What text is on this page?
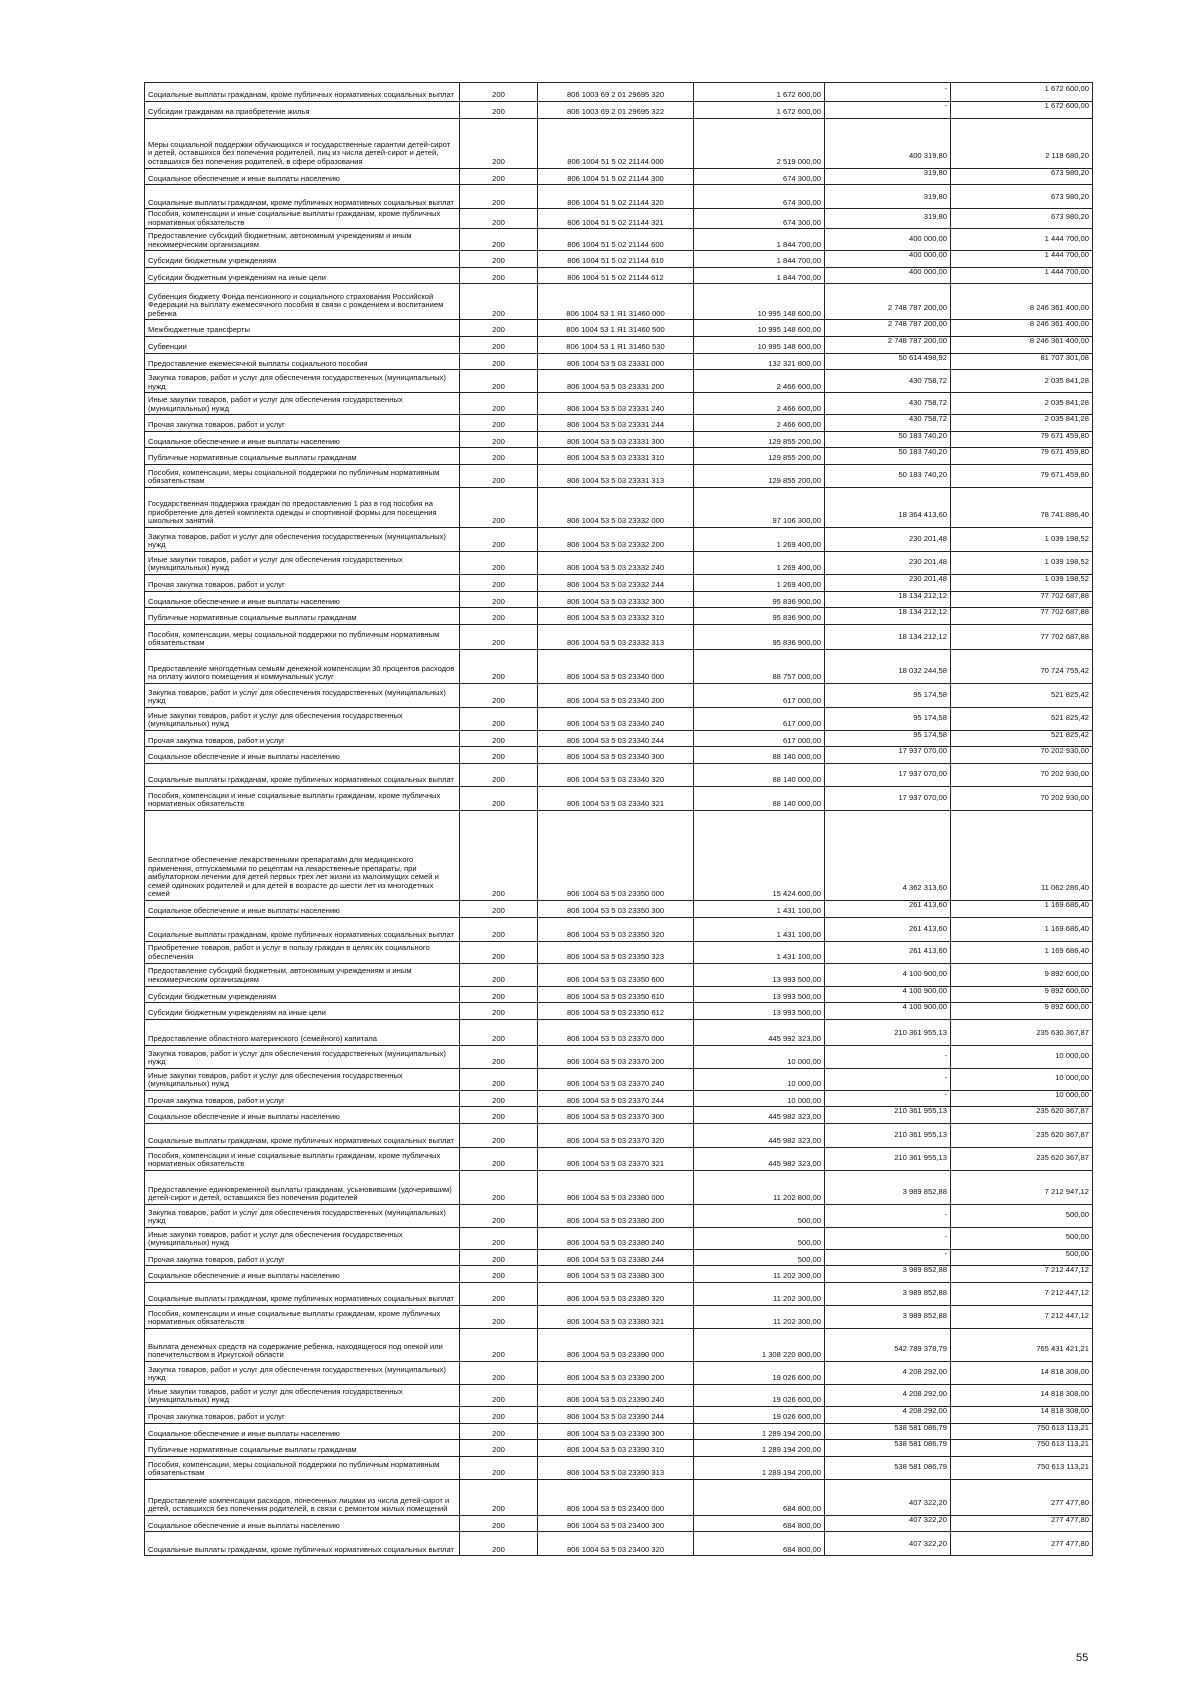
Социальные выплаты гражданам, кроме публичных нормативных социальных выплат	200	806 1003 69 2 01 29695 320	1 672 600,00	-	1 672 600,00
Субсидии гражданам на приобретение жилья	200	806 1003 69 2 01 29695 322	1 672 600,00	-	1 672 600,00
Меры социальной поддержки обучающихся и государственные гарантии детей-сирот и детей, оставшихся без попечения родителей, лиц из числа детей-сирот и детей, оставшихся без попечения родителей, в сфере образования	200	806 1004 51 5 02 21144 000	2 519 000,00	400 319,80	2 118 680,20
Социальное обеспечение и иные выплаты населению	200	806 1004 51 5 02 21144 300	674 300,00	319,80	673 980,20
Социальные выплаты гражданам, кроме публичных нормативных социальных выплат	200	806 1004 51 5 02 21144 320	674 300,00	319,80	673 980,20
Пособия, компенсации и иные социальные выплаты гражданам, кроме публичных нормативных обязательств	200	806 1004 51 5 02 21144 321	674 300,00	319,80	673 980,20
Предоставление субсидий бюджетным, автономным учреждениям и иным некоммерческим организациям	200	806 1004 51 5 02 21144 600	1 844 700,00	400 000,00	1 444 700,00
Субсидии бюджетным учреждениям	200	806 1004 51 5 02 21144 610	1 844 700,00	400 000,00	1 444 700,00
Субсидии бюджетным учреждениям на иные цели	200	806 1004 51 5 02 21144 612	1 844 700,00	400 000,00	1 444 700,00
Субвенция бюджету Фонда пенсионного и социального страхования Российской Федерации на выплату ежемесячного пособия в связи с рождением и воспитанием ребенка	200	806 1004 53 1 Я1 31460 000	10 995 148 600,00	2 748 787 200,00	8 246 361 400,00
Межбюджетные трансферты	200	806 1004 53 1 Я1 31460 500	10 995 148 600,00	2 748 787 200,00	8 246 361 400,00
Субвенции	200	806 1004 53 1 Я1 31460 530	10 995 148 600,00	2 748 787 200,00	8 246 361 400,00
Предоставление ежемесячной выплаты социального пособия	200	806 1004 53 5 03 23331 000	132 321 800,00	50 614 498,92	81 707 301,08
Закупка товаров, работ и услуг для обеспечения государственных (муниципальных) нужд	200	806 1004 53 5 03 23331 200	2 466 600,00	430 758,72	2 035 841,28
Иные закупки товаров, работ и услуг для обеспечения государственных (муниципальных) нужд	200	806 1004 53 5 03 23331 240	2 466 600,00	430 758,72	2 035 841,28
Прочая закупка товаров, работ и услуг	200	806 1004 53 5 03 23331 244	2 466 600,00	430 758,72	2 035 841,28
Социальное обеспечение и иные выплаты населению	200	806 1004 53 5 03 23331 300	129 855 200,00	50 183 740,20	79 671 459,80
Публичные нормативные социальные выплаты гражданам	200	806 1004 53 5 03 23331 310	129 855 200,00	50 183 740,20	79 671 459,80
Пособия, компенсации, меры социальной поддержки по публичным нормативным обязательствам	200	806 1004 53 5 03 23331 313	129 855 200,00	50 183 740,20	79 671 459,80
Государственная поддержка граждан по предоставлению 1 раз в год пособия на приобретение для детей комплекта одежды и спортивной формы для посещения школьных занятий	200	806 1004 53 5 03 23332 000	97 106 300,00	18 364 413,60	78 741 886,40
Закупка товаров, работ и услуг для обеспечения государственных (муниципальных) нужд	200	806 1004 53 5 03 23332 200	1 269 400,00	230 201,48	1 039 198,52
Иные закупки товаров, работ и услуг для обеспечения государственных (муниципальных) нужд	200	806 1004 53 5 03 23332 240	1 269 400,00	230 201,48	1 039 198,52
Прочая закупка товаров, работ и услуг	200	806 1004 53 5 03 23332 244	1 269 400,00	230 201,48	1 039 198,52
Социальное обеспечение и иные выплаты населению	200	806 1004 53 5 03 23332 300	95 836 900,00	18 134 212,12	77 702 687,88
Публичные нормативные социальные выплаты гражданам	200	806 1004 53 5 03 23332 310	95 836 900,00	18 134 212,12	77 702 687,88
Пособия, компенсации, меры социальной поддержки по публичным нормативным обязательствам	200	806 1004 53 5 03 23332 313	95 836 900,00	18 134 212,12	77 702 687,88
Предоставление многодетным семьям денежной компенсации 30 процентов расходов на оплату жилого помещения и коммунальных услуг	200	806 1004 53 5 03 23340 000	88 757 000,00	18 032 244,58	70 724 755,42
Закупка товаров, работ и услуг для обеспечения государственных (муниципальных) нужд	200	806 1004 53 5 03 23340 200	617 000,00	95 174,58	521 825,42
Иные закупки товаров, работ и услуг для обеспечения государственных (муниципальных) нужд	200	806 1004 53 5 03 23340 240	617 000,00	95 174,58	521 825,42
Прочая закупка товаров, работ и услуг	200	806 1004 53 5 03 23340 244	617 000,00	95 174,58	521 825,42
Социальное обеспечение и иные выплаты населению	200	806 1004 53 5 03 23340 300	88 140 000,00	17 937 070,00	70 202 930,00
Социальные выплаты гражданам, кроме публичных нормативных социальных выплат	200	806 1004 53 5 03 23340 320	88 140 000,00	17 937 070,00	70 202 930,00
Пособия, компенсации и иные социальные выплаты гражданам, кроме публичных нормативных обязательств	200	806 1004 53 5 03 23340 321	88 140 000,00	17 937 070,00	70 202 930,00
Бесплатное обеспечение лекарственными препаратами для медицинского применения, отпускаемыми по рецептам на лекарственные препараты, при амбулаторном лечении для детей первых трех лет жизни из малоимущих семей и семей одиноких родителей и для детей в возрасте до шести лет из многодетных семей	200	806 1004 53 5 03 23350 000	15 424 600,00	4 362 313,60	11 062 286,40
Социальное обеспечение и иные выплаты населению	200	806 1004 53 5 03 23350 300	1 431 100,00	261 413,60	1 169 686,40
Социальные выплаты гражданам, кроме публичных нормативных социальных выплат	200	806 1004 53 5 03 23350 320	1 431 100,00	261 413,60	1 169 686,40
Приобретение товаров, работ и услуг в пользу граждан в целях их социального обеспечения	200	806 1004 53 5 03 23350 323	1 431 100,00	261 413,60	1 169 686,40
Предоставление субсидий бюджетным, автономным учреждениям и иным некоммерческим организациям	200	806 1004 53 5 03 23350 600	13 993 500,00	4 100 900,00	9 892 600,00
Субсидии бюджетным учреждениям	200	806 1004 53 5 03 23350 610	13 993 500,00	4 100 900,00	9 892 600,00
Субсидии бюджетным учреждениям на иные цели	200	806 1004 53 5 03 23350 612	13 993 500,00	4 100 900,00	9 892 600,00
Предоставление областного материнского (семейного) капитала	200	806 1004 53 5 03 23370 000	445 992 323,00	210 361 955,13	235 630 367,87
Закупка товаров, работ и услуг для обеспечения государственных (муниципальных) нужд	200	806 1004 53 5 03 23370 200	10 000,00	-	10 000,00
Иные закупки товаров, работ и услуг для обеспечения государственных (муниципальных) нужд	200	806 1004 53 5 03 23370 240	10 000,00	-	10 000,00
Прочая закупка товаров, работ и услуг	200	806 1004 53 5 03 23370 244	10 000,00	-	10 000,00
Социальное обеспечение и иные выплаты населению	200	806 1004 53 5 03 23370 300	445 982 323,00	210 361 955,13	235 620 367,87
Социальные выплаты гражданам, кроме публичных нормативных социальных выплат	200	806 1004 53 5 03 23370 320	445 982 323,00	210 361 955,13	235 620 367,87
Пособия, компенсации и иные социальные выплаты гражданам, кроме публичных нормативных обязательств	200	806 1004 53 5 03 23370 321	445 982 323,00	210 361 955,13	235 620 367,87
Предоставление единовременной выплаты гражданам, усыновившим (удочерившим) детей-сирот и детей, оставшихся без попечения родителей	200	806 1004 53 5 03 23380 000	11 202 800,00	3 989 852,88	7 212 947,12
Закупка товаров, работ и услуг для обеспечения государственных (муниципальных) нужд	200	806 1004 53 5 03 23380 200	500,00	-	500,00
Иные закупки товаров, работ и услуг для обеспечения государственных (муниципальных) нужд	200	806 1004 53 5 03 23380 240	500,00	-	500,00
Прочая закупка товаров, работ и услуг	200	806 1004 53 5 03 23380 244	500,00	-	500,00
Социальное обеспечение и иные выплаты населению	200	806 1004 53 5 03 23380 300	11 202 300,00	3 989 852,88	7 212 447,12
Социальные выплаты гражданам, кроме публичных нормативных социальных выплат	200	806 1004 53 5 03 23380 320	11 202 300,00	3 989 852,88	7 212 447,12
Пособия, компенсации и иные социальные выплаты гражданам, кроме публичных нормативных обязательств	200	806 1004 53 5 03 23380 321	11 202 300,00	3 989 852,88	7 212 447,12
Выплата денежных средств на содержание ребенка, находящегося под опекой или попечительством в Иркутской области	200	806 1004 53 5 03 23390 000	1 308 220 800,00	542 789 378,79	765 431 421,21
Закупка товаров, работ и услуг для обеспечения государственных (муниципальных) нужд	200	806 1004 53 5 03 23390 200	19 026 600,00	4 208 292,00	14 818 308,00
Иные закупки товаров, работ и услуг для обеспечения государственных (муниципальных) нужд	200	806 1004 53 5 03 23390 240	19 026 600,00	4 208 292,00	14 818 308,00
Прочая закупка товаров, работ и услуг	200	806 1004 53 5 03 23390 244	19 026 600,00	4 208 292,00	14 818 308,00
Социальное обеспечение и иные выплаты населению	200	806 1004 53 5 03 23390 300	1 289 194 200,00	538 581 086,79	750 613 113,21
Публичные нормативные социальные выплаты гражданам	200	806 1004 53 5 03 23390 310	1 289 194 200,00	538 581 086,79	750 613 113,21
Пособия, компенсации, меры социальной поддержки по публичным нормативным обязательствам	200	806 1004 53 5 03 23390 313	1 289 194 200,00	538 581 086,79	750 613 113,21
Предоставление компенсации расходов, понесенных лицами из числа детей-сирот и детей, оставшихся без попечения родителей, в связи с ремонтом жилых помещений	200	806 1004 53 5 03 23400 000	684 800,00	407 322,20	277 477,80
Социальное обеспечение и иные выплаты населению	200	806 1004 53 5 03 23400 300	684 800,00	407 322,20	277 477,80
Социальные выплаты гражданам, кроме публичных нормативных социальных выплат	200	806 1004 53 5 03 23400 320	684 800,00	407 322,20	277 477,80
55
